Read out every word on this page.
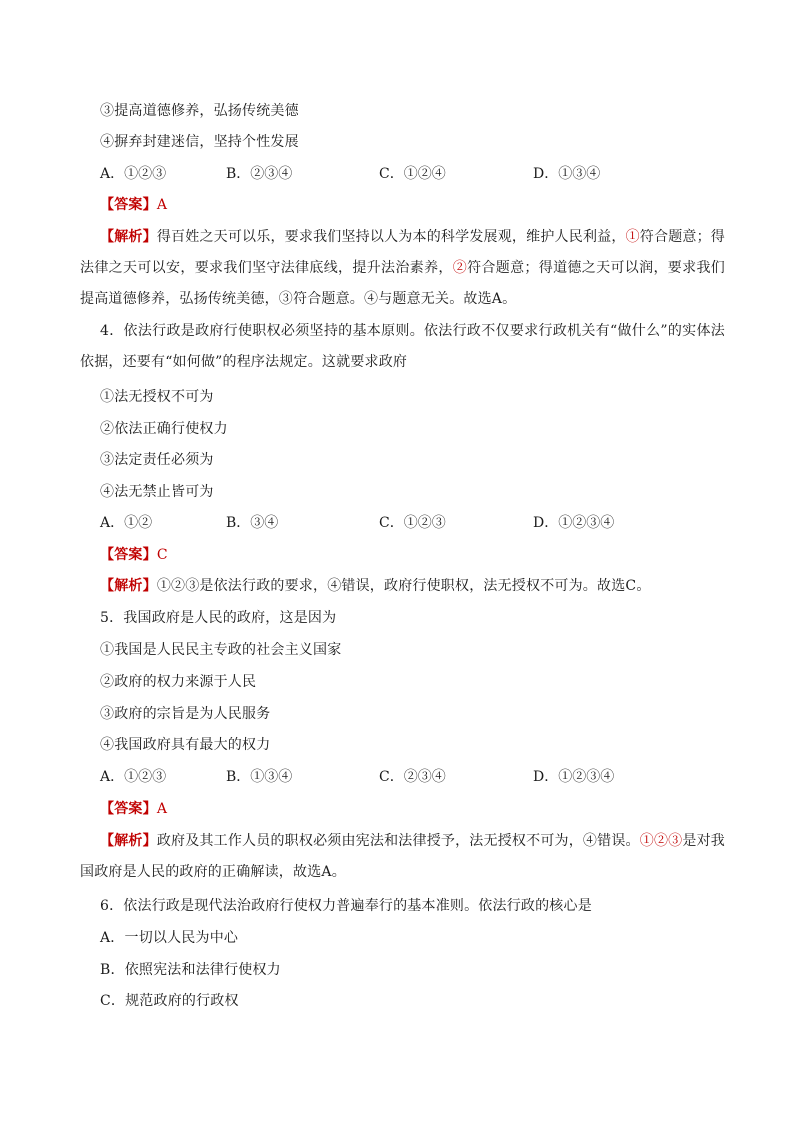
③提高道德修养，弘扬传统美德
④摒弃封建迷信，坚持个性发展
A．①②③	B．②③④	C．①②④	D．①③④
【答案】A
【解析】得百姓之天可以乐，要求我们坚持以人为本的科学发展观，维护人民利益，①符合题意；得法律之天可以安，要求我们坚守法律底线，提升法治素养，②符合题意；得道德之天可以润，要求我们提高道德修养，弘扬传统美德，③符合题意。④与题意无关。故选A。
4．依法行政是政府行使职权必须坚持的基本原则。依法行政不仅要求行政机关有“做什么”的实体法依据，还要有“如何做”的程序法规定。这就要求政府
①法无授权不可为
②依法正确行使权力
③法定责任必须为
④法无禁止皆可为
A．①②	B．③④	C．①②③	D．①②③④
【答案】C
【解析】①②③是依法行政的要求，④错误，政府行使职权，法无授权不可为。故选C。
5．我国政府是人民的政府，这是因为
①我国是人民民主专政的社会主义国家
②政府的权力来源于人民
③政府的宗旨是为人民服务
④我国政府具有最大的权力
A．①②③	B．①③④	C．②③④	D．①②③④
【答案】A
【解析】政府及其工作人员的职权必须由宪法和法律授予，法无授权不可为，④错误。①②③是对我国政府是人民的政府的正确解读，故选A。
6．依法行政是现代法治政府行使权力普遍奉行的基本准则。依法行政的核心是
A．一切以人民为中心
B．依照宪法和法律行使权力
C．规范政府的行政权
